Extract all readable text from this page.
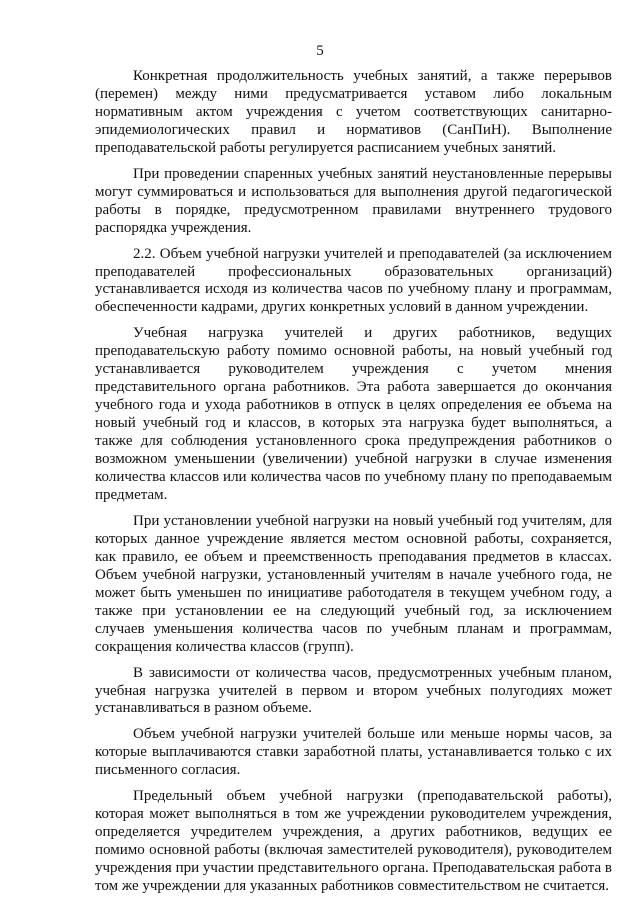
5

Конкретная продолжительность учебных занятий, а также перерывов (перемен) между ними предусматривается уставом либо локальным нормативным актом учреждения с учетом соответствующих санитарно-эпидемиологических правил и нормативов (СанПиН). Выполнение преподавательской работы регулируется расписанием учебных занятий.

При проведении спаренных учебных занятий неустановленные перерывы могут суммироваться и использоваться для выполнения другой педагогической работы в порядке, предусмотренном правилами внутреннего трудового распорядка учреждения.

2.2. Объем учебной нагрузки учителей и преподавателей (за исключением преподавателей профессиональных образовательных организаций) устанавливается исходя из количества часов по учебному плану и программам, обеспеченности кадрами, других конкретных условий в данном учреждении.

Учебная нагрузка учителей и других работников, ведущих преподавательскую работу помимо основной работы, на новый учебный год устанавливается руководителем учреждения с учетом мнения представительного органа работников. Эта работа завершается до окончания учебного года и ухода работников в отпуск в целях определения ее объема на новый учебный год и классов, в которых эта нагрузка будет выполняться, а также для соблюдения установленного срока предупреждения работников о возможном уменьшении (увеличении) учебной нагрузки в случае изменения количества классов или количества часов по учебному плану по преподаваемым предметам.

При установлении учебной нагрузки на новый учебный год учителям, для которых данное учреждение является местом основной работы, сохраняется, как правило, ее объем и преемственность преподавания предметов в классах. Объем учебной нагрузки, установленный учителям в начале учебного года, не может быть уменьшен по инициативе работодателя в текущем учебном году, а также при установлении ее на следующий учебный год, за исключением случаев уменьшения количества часов по учебным планам и программам, сокращения количества классов (групп).

В зависимости от количества часов, предусмотренных учебным планом, учебная нагрузка учителей в первом и втором учебных полугодиях может устанавливаться в разном объеме.

Объем учебной нагрузки учителей больше или меньше нормы часов, за которые выплачиваются ставки заработной платы, устанавливается только с их письменного согласия.

Предельный объем учебной нагрузки (преподавательской работы), которая может выполняться в том же учреждении руководителем учреждения, определяется учредителем учреждения, а других работников, ведущих ее помимо основной работы (включая заместителей руководителя), руководителем учреждения при участии представительного органа. Преподавательская работа в том же учреждении для указанных работников совместительством не считается.
